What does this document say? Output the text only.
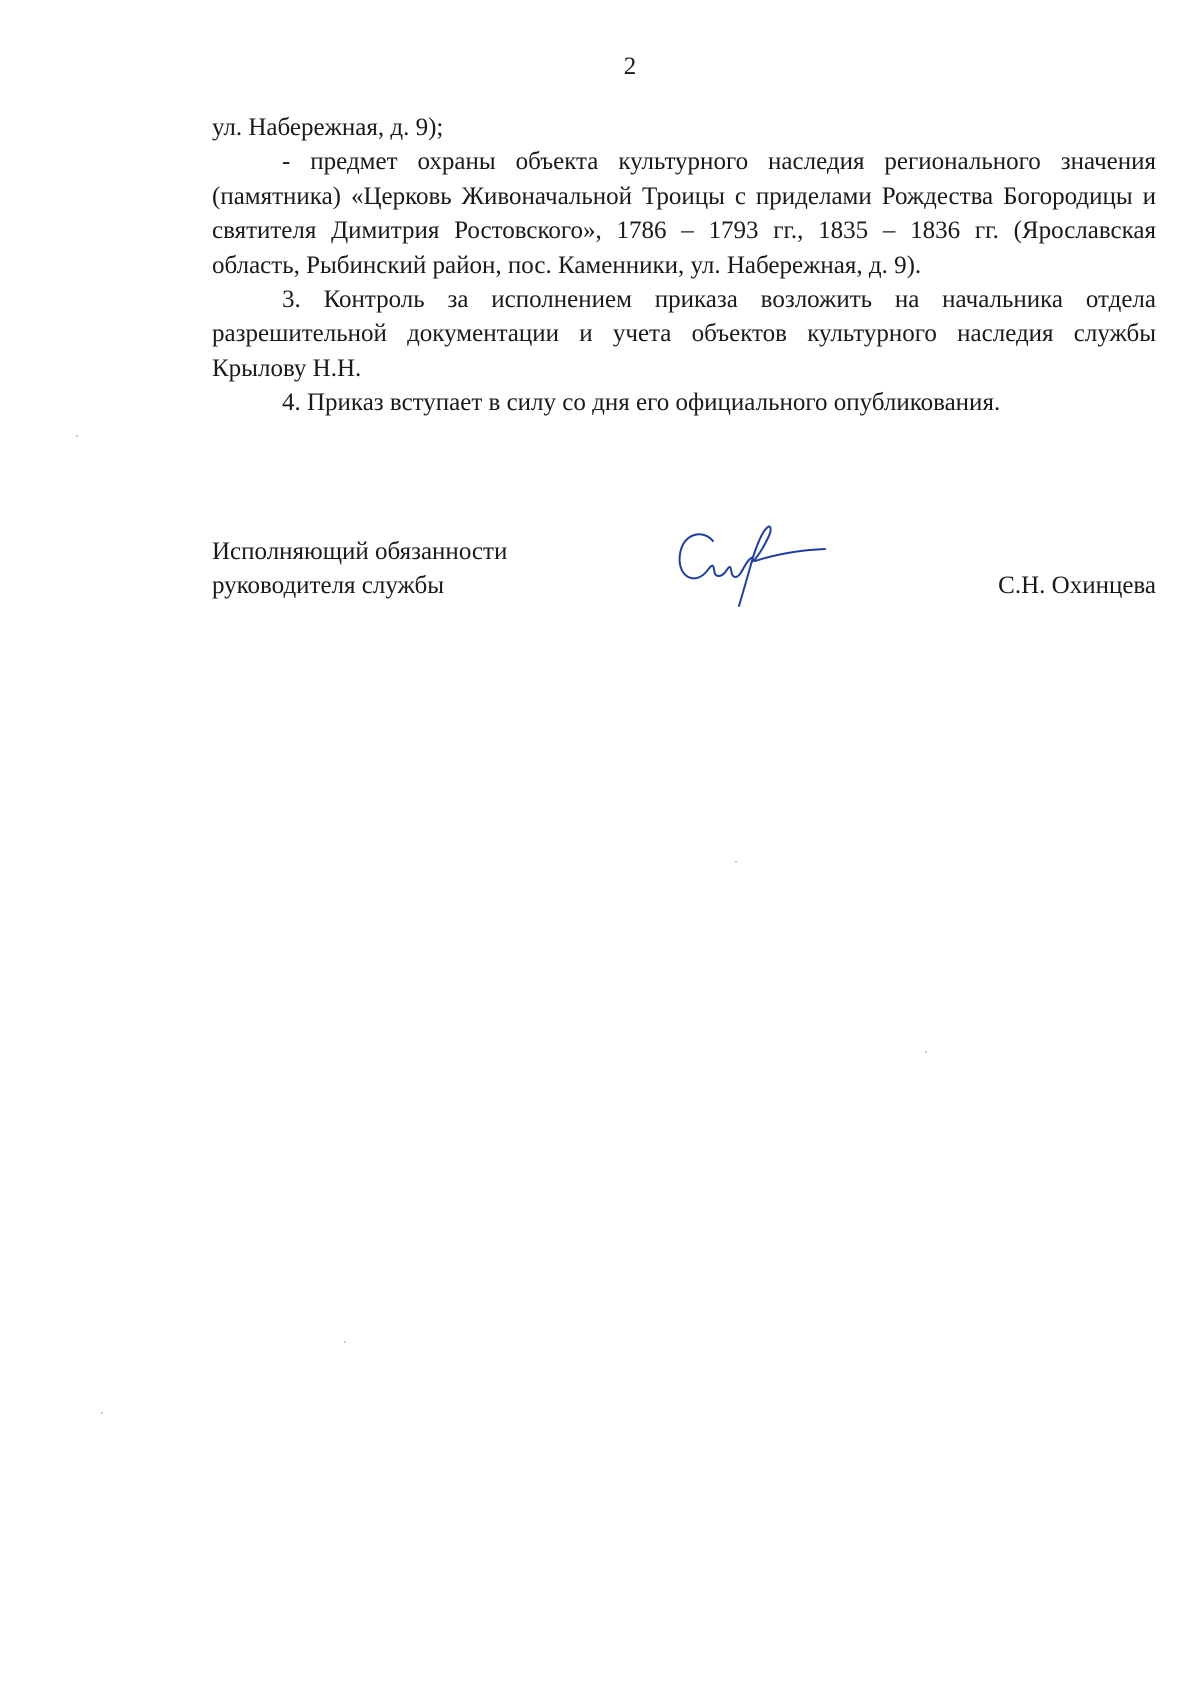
2

ул. Набережная, д. 9);

- предмет охраны объекта культурного наследия регионального значения (памятника) «Церковь Живоначальной Троицы с приделами Рождества Богородицы и святителя Димитрия Ростовского», 1786 – 1793 гг., 1835 – 1836 гг. (Ярославская область, Рыбинский район, пос. Каменники, ул. Набережная, д. 9).

3. Контроль за исполнением приказа возложить на начальника отдела разрешительной документации и учета объектов культурного наследия службы Крылову Н.Н.

4. Приказ вступает в силу со дня его официального опубликования.

Исполняющий обязанности
руководителя службы	С.Н. Охинцева
